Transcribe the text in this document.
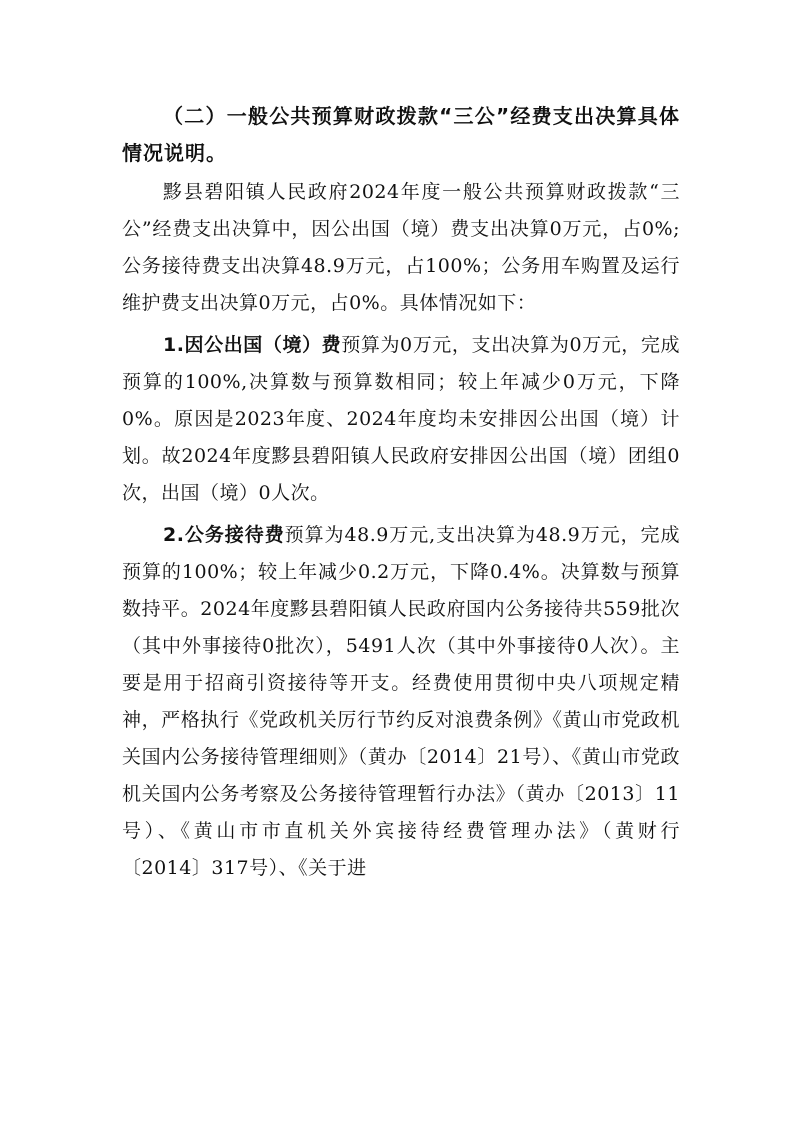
（二）一般公共预算财政拨款“三公”经费支出决算具体情况说明。

黟县碧阳镇人民政府2024年度一般公共预算财政拨款“三公”经费支出决算中，因公出国（境）费支出决算0万元，占0%;公务接待费支出决算48.9万元，占100%；公务用车购置及运行维护费支出决算0万元，占0%。具体情况如下：

1.因公出国（境）费预算为0万元，支出决算为0万元，完成预算的100%,决算数与预算数相同；较上年减少0万元，下降0%。原因是2023年度、2024年度均未安排因公出国（境）计划。故2024年度黟县碧阳镇人民政府安排因公出国（境）团组0次，出国（境）0人次。

2.公务接待费预算为48.9万元,支出决算为48.9万元，完成预算的100%；较上年减少0.2万元，下降0.4%。决算数与预算数持平。2024年度黟县碧阳镇人民政府国内公务接待共559批次（其中外事接待0批次），5491人次（其中外事接待0人次）。主要是用于招商引资接待等开支。经费使用贯彻中央八项规定精神，严格执行《党政机关厉行节约反对浪费条例》《黄山市党政机关国内公务接待管理细则》（黄办〔2014〕21号）、《黄山市党政机关国内公务考察及公务接待管理暂行办法》（黄办〔2013〕11号）、《黄山市市直机关外宾接待经费管理办法》（黄财行〔2014〕317号）、《关于进
